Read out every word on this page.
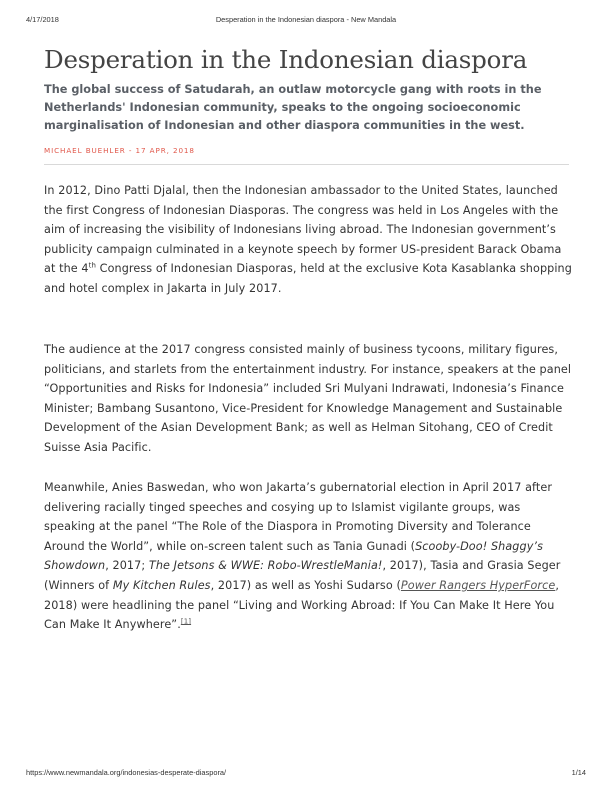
4/17/2018	Desperation in the Indonesian diaspora - New Mandala
Desperation in the Indonesian diaspora
The global success of Satudarah, an outlaw motorcycle gang with roots in the Netherlands' Indonesian community, speaks to the ongoing socioeconomic marginalisation of Indonesian and other diaspora communities in the west.
MICHAEL BUEHLER - 17 APR, 2018
In 2012, Dino Patti Djalal, then the Indonesian ambassador to the United States, launched the first Congress of Indonesian Diasporas. The congress was held in Los Angeles with the aim of increasing the visibility of Indonesians living abroad. The Indonesian government’s publicity campaign culminated in a keynote speech by former US-president Barack Obama at the 4th Congress of Indonesian Diasporas, held at the exclusive Kota Kasablanka shopping and hotel complex in Jakarta in July 2017.
The audience at the 2017 congress consisted mainly of business tycoons, military figures, politicians, and starlets from the entertainment industry. For instance, speakers at the panel “Opportunities and Risks for Indonesia” included Sri Mulyani Indrawati, Indonesia’s Finance Minister; Bambang Susantono, Vice-President for Knowledge Management and Sustainable Development of the Asian Development Bank; as well as Helman Sitohang, CEO of Credit Suisse Asia Pacific.
Meanwhile, Anies Baswedan, who won Jakarta’s gubernatorial election in April 2017 after delivering racially tinged speeches and cosying up to Islamist vigilante groups, was speaking at the panel “The Role of the Diaspora in Promoting Diversity and Tolerance Around the World”, while on-screen talent such as Tania Gunadi (Scooby-Doo! Shaggy’s Showdown, 2017; The Jetsons & WWE: Robo-WrestleMania!, 2017), Tasia and Grasia Seger (Winners of My Kitchen Rules, 2017) as well as Yoshi Sudarso (Power Rangers HyperForce, 2018) were headlining the panel “Living and Working Abroad: If You Can Make It Here You Can Make It Anywhere”.[1]
https://www.newmandala.org/indonesias-desperate-diaspora/	1/14
